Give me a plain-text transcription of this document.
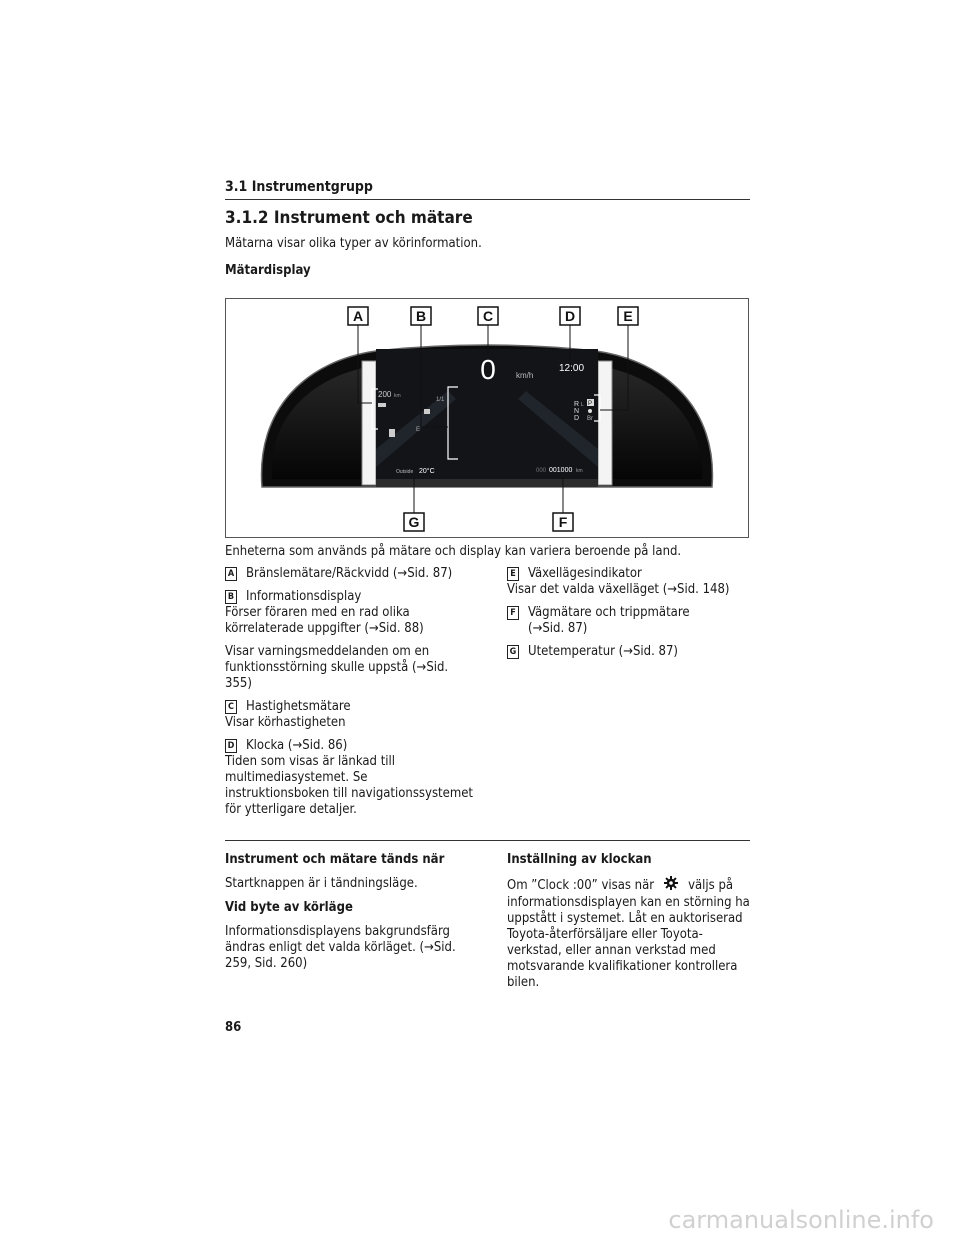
3.1 Instrumentgrupp
3.1.2 Instrument och mätare
Mätarna visar olika typer av körinformation.
Mätardisplay
0	km/h
12:00
200 km
1/1
E
R
N
D
P
L
Br
Outside 20°C	000 001000 km
A	B	C	D	E
F
G
Enheterna som används på mätare och display kan variera beroende på land.
A Bränslemätare/Räckvidd (→Sid. 87)
B Informationsdisplay
Förser föraren med en rad olika körrelaterade uppgifter (→Sid. 88)
Visar varningsmeddelanden om en funktionsstörning skulle uppstå (→Sid. 355)
C Hastighetsmätare
Visar körhastigheten
D Klocka (→Sid. 86)
Tiden som visas är länkad till multimediasystemet. Se instruktionsboken till navigationssystemet för ytterligare detaljer.
E Växellägesindikator
Visar det valda växelläget (→Sid. 148)
F Vägmätare och trippmätare
(→Sid. 87)
G Utetemperatur (→Sid. 87)
Instrument och mätare tänds när
Startknappen är i tändningsläge.
Vid byte av körläge
Informationsdisplayens bakgrundsfärg ändras enligt det valda körläget. (→Sid. 259, Sid. 260)
Inställning av klockan
Om ”Clock :00” visas när	väljs på informationsdisplayen kan en störning ha uppstått i systemet. Låt en auktoriserad Toyota-återförsäljare eller Toyota-verkstad, eller annan verkstad med motsvarande kvalifikationer kontrollera bilen.
86
carmanualsonline.info
